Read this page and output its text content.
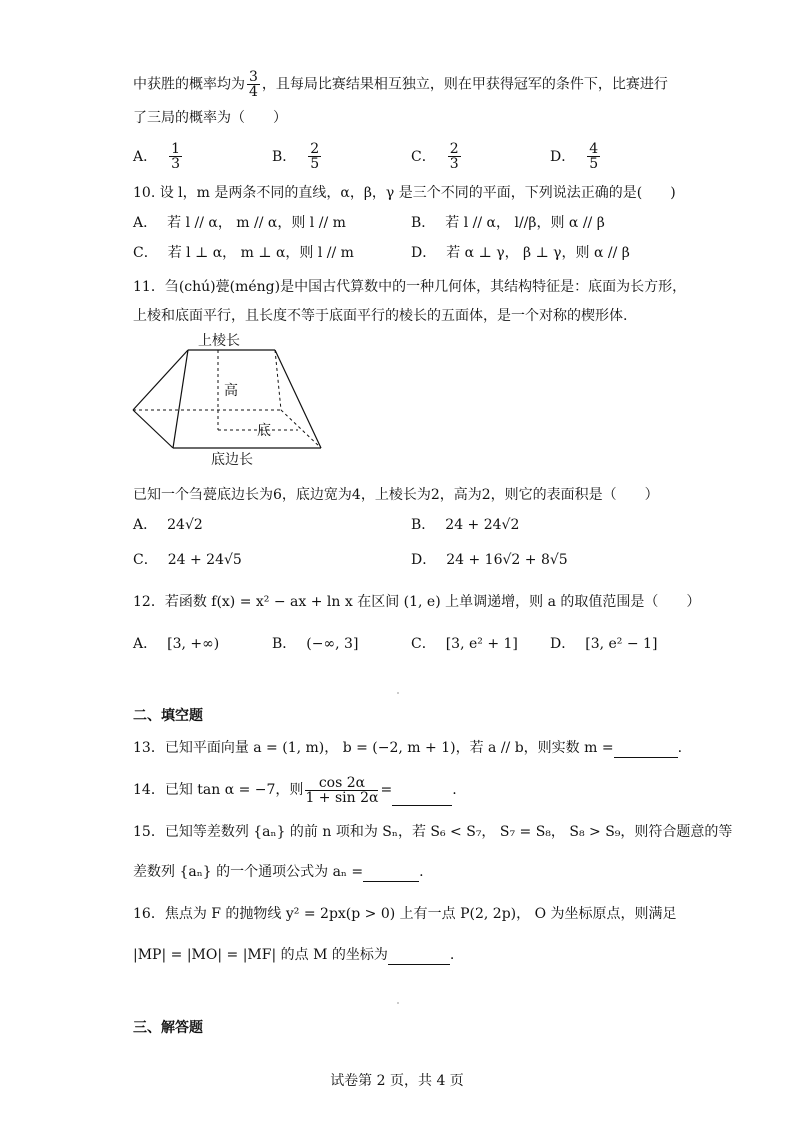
中获胜的概率均为 $\frac{3}{4}$ ，且每局比赛结果相互独立，则在甲获得冠军的条件下，比赛进行
了三局的概率为（　　）
A． $\frac{1}{3}$	B． $\frac{2}{5}$	C． $\frac{2}{3}$	D． $\frac{4}{5}$
10. 设 l，m 是两条不同的直线，α，β，γ 是三个不同的平面，下列说法正确的是(　　)
A． 若 l // α， m // α，则 l // m	B． 若 l // α， l//β，则 α // β
C． 若 l ⊥ α， m ⊥ α，则 l // m	D． 若 α ⊥ γ， β ⊥ γ，则 α // β
11．刍(chú)甍(méng)是中国古代算数中的一种几何体，其结构特征是：底面为长方形，
上棱和底面平行，且长度不等于底面平行的棱长的五面体，是一个对称的楔形体.
上棱长
高
底
底边长
已知一个刍甍底边长为6，底边宽为4，上棱长为2，高为2，则它的表面积是（　　）
A． 24√2	B． 24 + 24√2
C． 24 + 24√5	D． 24 + 16√2 + 8√5
12．若函数 f(x) = x² − ax + ln x 在区间 (1, e) 上单调递增，则 a 的取值范围是（　　）
A． [3, +∞)	B． (−∞, 3]	C． [3, e² + 1] D． [3, e² − 1]
二、填空题
13．已知平面向量 a = (1, m)， b = (−2, m + 1)，若 a // b，则实数 m =	.
14．已知 tan α = −7，则 $\frac{\cos 2\alpha}{1 + \sin 2\alpha}$ =	.
15．已知等差数列 {aₙ} 的前 n 项和为 Sₙ，若 S₆ < S₇， S₇ = S₈， S₈ > S₉，则符合题意的等
差数列 {aₙ} 的一个通项公式为 aₙ =	.
16．焦点为 F 的抛物线 y² = 2px(p > 0) 上有一点 P(2, 2p)， O 为坐标原点，则满足
|MP| = |MO| = |MF| 的点 M 的坐标为	.
三、解答题
试卷第 2 页，共 4 页
